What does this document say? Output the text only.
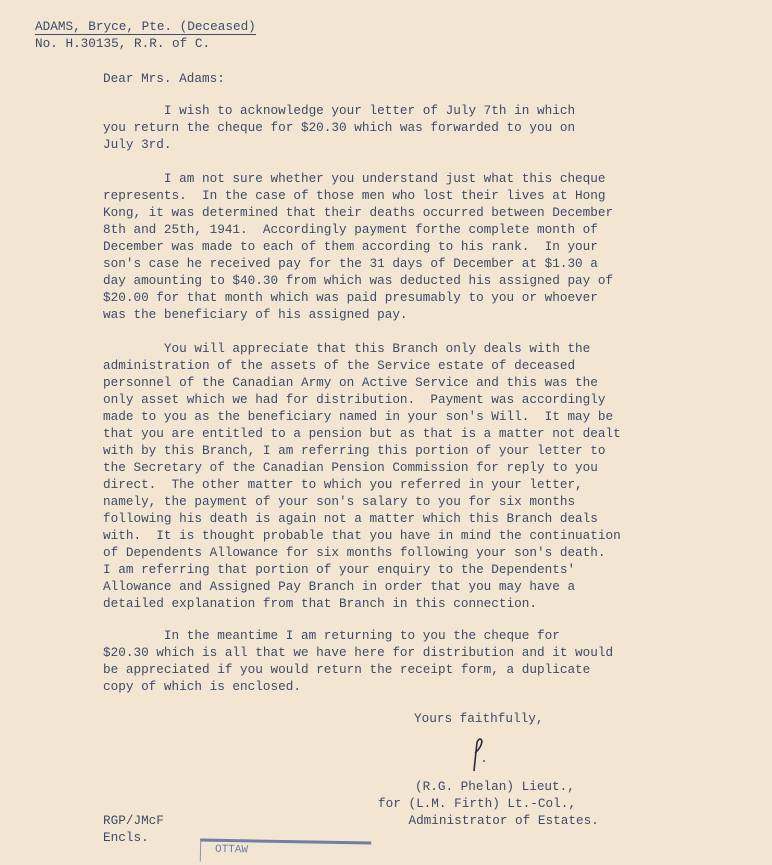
ADAMS, Bryce, Pte. (Deceased)
No. H.30135, R.R. of C.
Dear Mrs. Adams:
I wish to acknowledge your letter of July 7th in which
you return the cheque for $20.30 which was forwarded to you on
July 3rd.
I am not sure whether you understand just what this cheque
represents.  In the case of those men who lost their lives at Hong
Kong, it was determined that their deaths occurred between December
8th and 25th, 1941.  Accordingly payment forthe complete month of
December was made to each of them according to his rank.  In your
son's case he received pay for the 31 days of December at $1.30 a
day amounting to $40.30 from which was deducted his assigned pay of
$20.00 for that month which was paid presumably to you or whoever
was the beneficiary of his assigned pay.
You will appreciate that this Branch only deals with the
administration of the assets of the Service estate of deceased
personnel of the Canadian Army on Active Service and this was the
only asset which we had for distribution.  Payment was accordingly
made to you as the beneficiary named in your son's Will.  It may be
that you are entitled to a pension but as that is a matter not dealt
with by this Branch, I am referring this portion of your letter to
the Secretary of the Canadian Pension Commission for reply to you
direct.  The other matter to which you referred in your letter,
namely, the payment of your son's salary to you for six months
following his death is again not a matter which this Branch deals
with.  It is thought probable that you have in mind the continuation
of Dependents Allowance for six months following your son's death.
I am referring that portion of your enquiry to the Dependents'
Allowance and Assigned Pay Branch in order that you may have a
detailed explanation from that Branch in this connection.
In the meantime I am returning to you the cheque for
$20.30 which is all that we have here for distribution and it would
be appreciated if you would return the receipt form, a duplicate
copy of which is enclosed.
Yours faithfully,
(R.G. Phelan) Lieut.,
for (L.M. Firth) Lt.-Col.,
Administrator of Estates.
RGP/JMcF
Encls.
OTTAW
